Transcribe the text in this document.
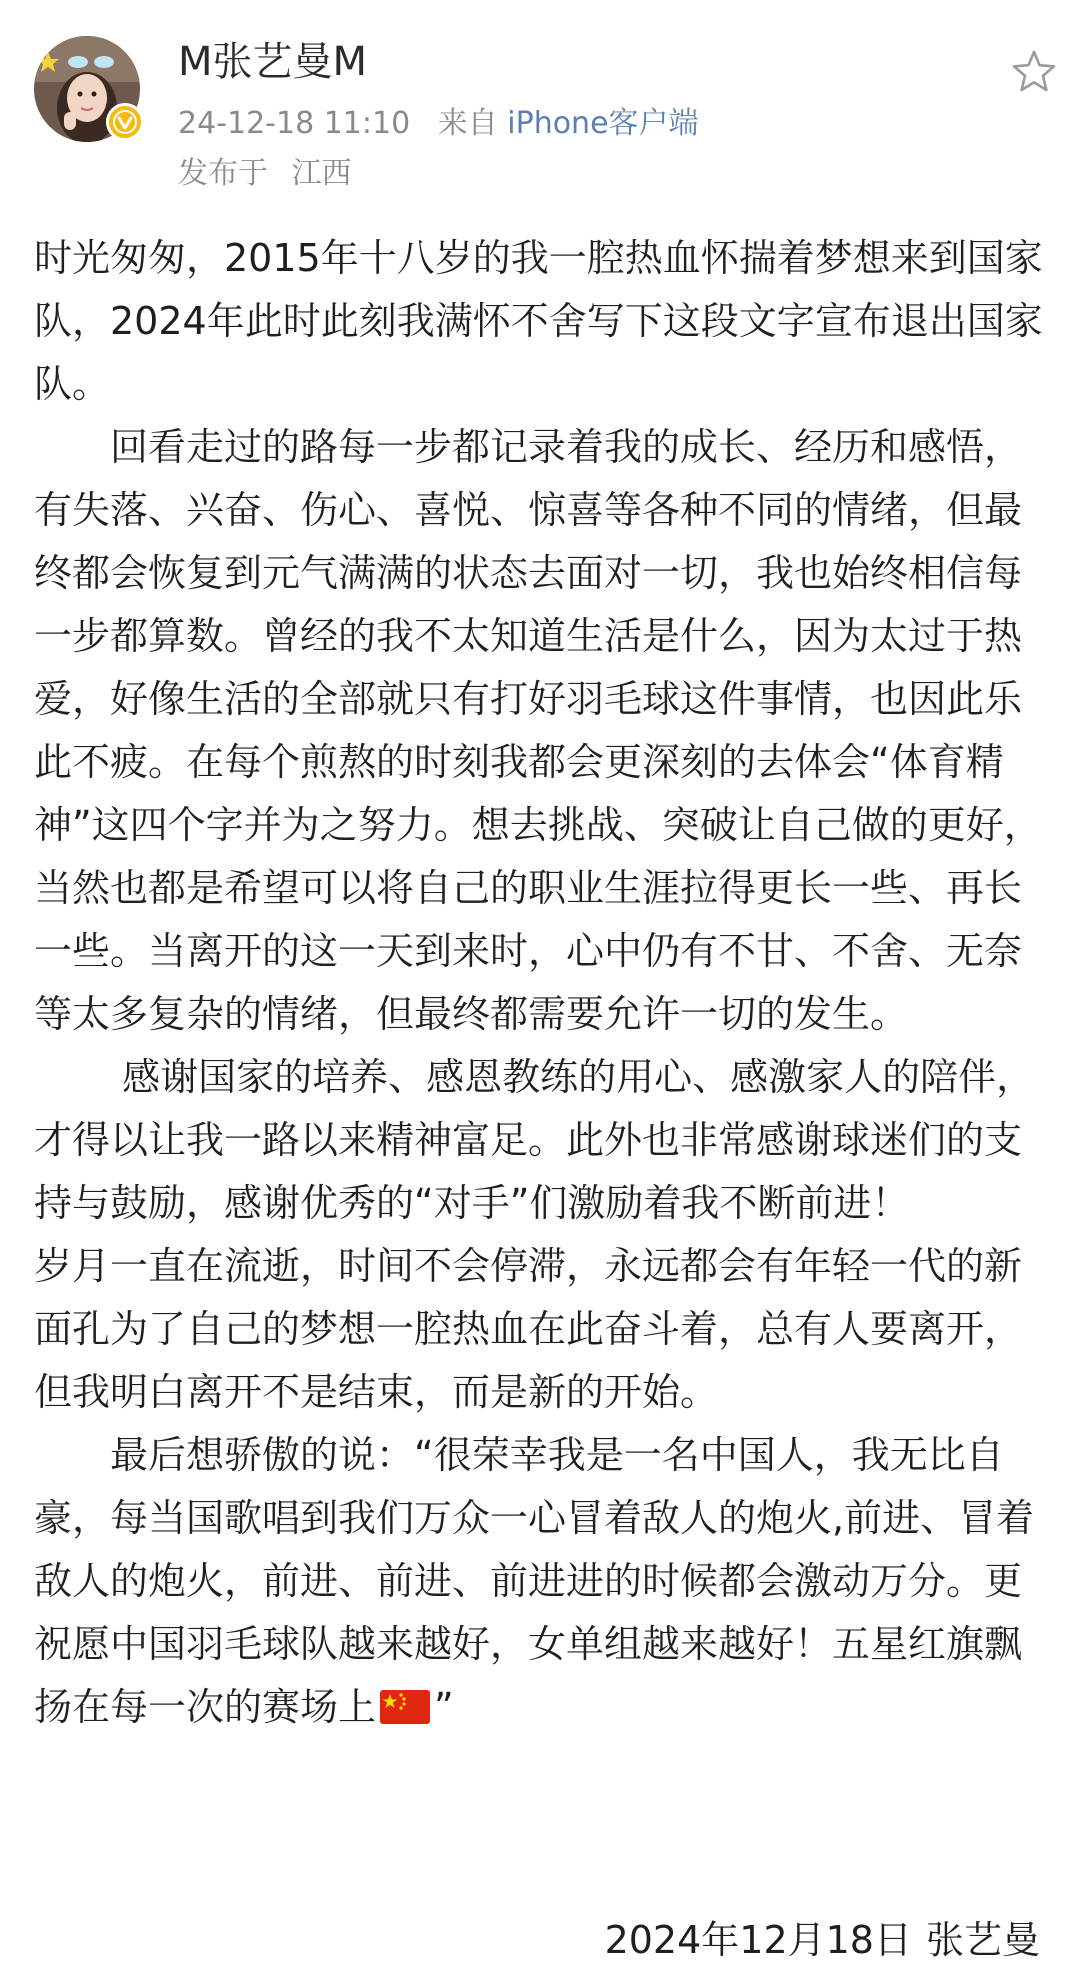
M张艺曼M
24-12-18 11:10 来自 iPhone客户端
发布于 江西

时光匆匆，2015年十八岁的我一腔热血怀揣着梦想来到国家队，2024年此时此刻我满怀不舍写下这段文字宣布退出国家队。

　　回看走过的路每一步都记录着我的成长、经历和感悟，有失落、兴奋、伤心、喜悦、惊喜等各种不同的情绪，但最终都会恢复到元气满满的状态去面对一切，我也始终相信每一步都算数。曾经的我不太知道生活是什么，因为太过于热爱，好像生活的全部就只有打好羽毛球这件事情，也因此乐此不疲。在每个煎熬的时刻我都会更深刻的去体会“体育精神”这四个字并为之努力。想去挑战、突破让自己做的更好，当然也都是希望可以将自己的职业生涯拉得更长一些、再长一些。当离开的这一天到来时，心中仍有不甘、不舍、无奈等太多复杂的情绪，但最终都需要允许一切的发生。

　　 感谢国家的培养、感恩教练的用心、感激家人的陪伴，才得以让我一路以来精神富足。此外也非常感谢球迷们的支持与鼓励，感谢优秀的“对手”们激励着我不断前进！

岁月一直在流逝，时间不会停滞，永远都会有年轻一代的新面孔为了自己的梦想一腔热血在此奋斗着，总有人要离开，但我明白离开不是结束，而是新的开始。

　　最后想骄傲的说：“很荣幸我是一名中国人，我无比自豪，每当国歌唱到我们万众一心冒着敌人的炮火,前进、冒着敌人的炮火，前进、前进、前进进的时候都会激动万分。更祝愿中国羽毛球队越来越好，女单组越来越好！五星红旗飘扬在每一次的赛场上 ”

2024年12月18日 张艺曼
